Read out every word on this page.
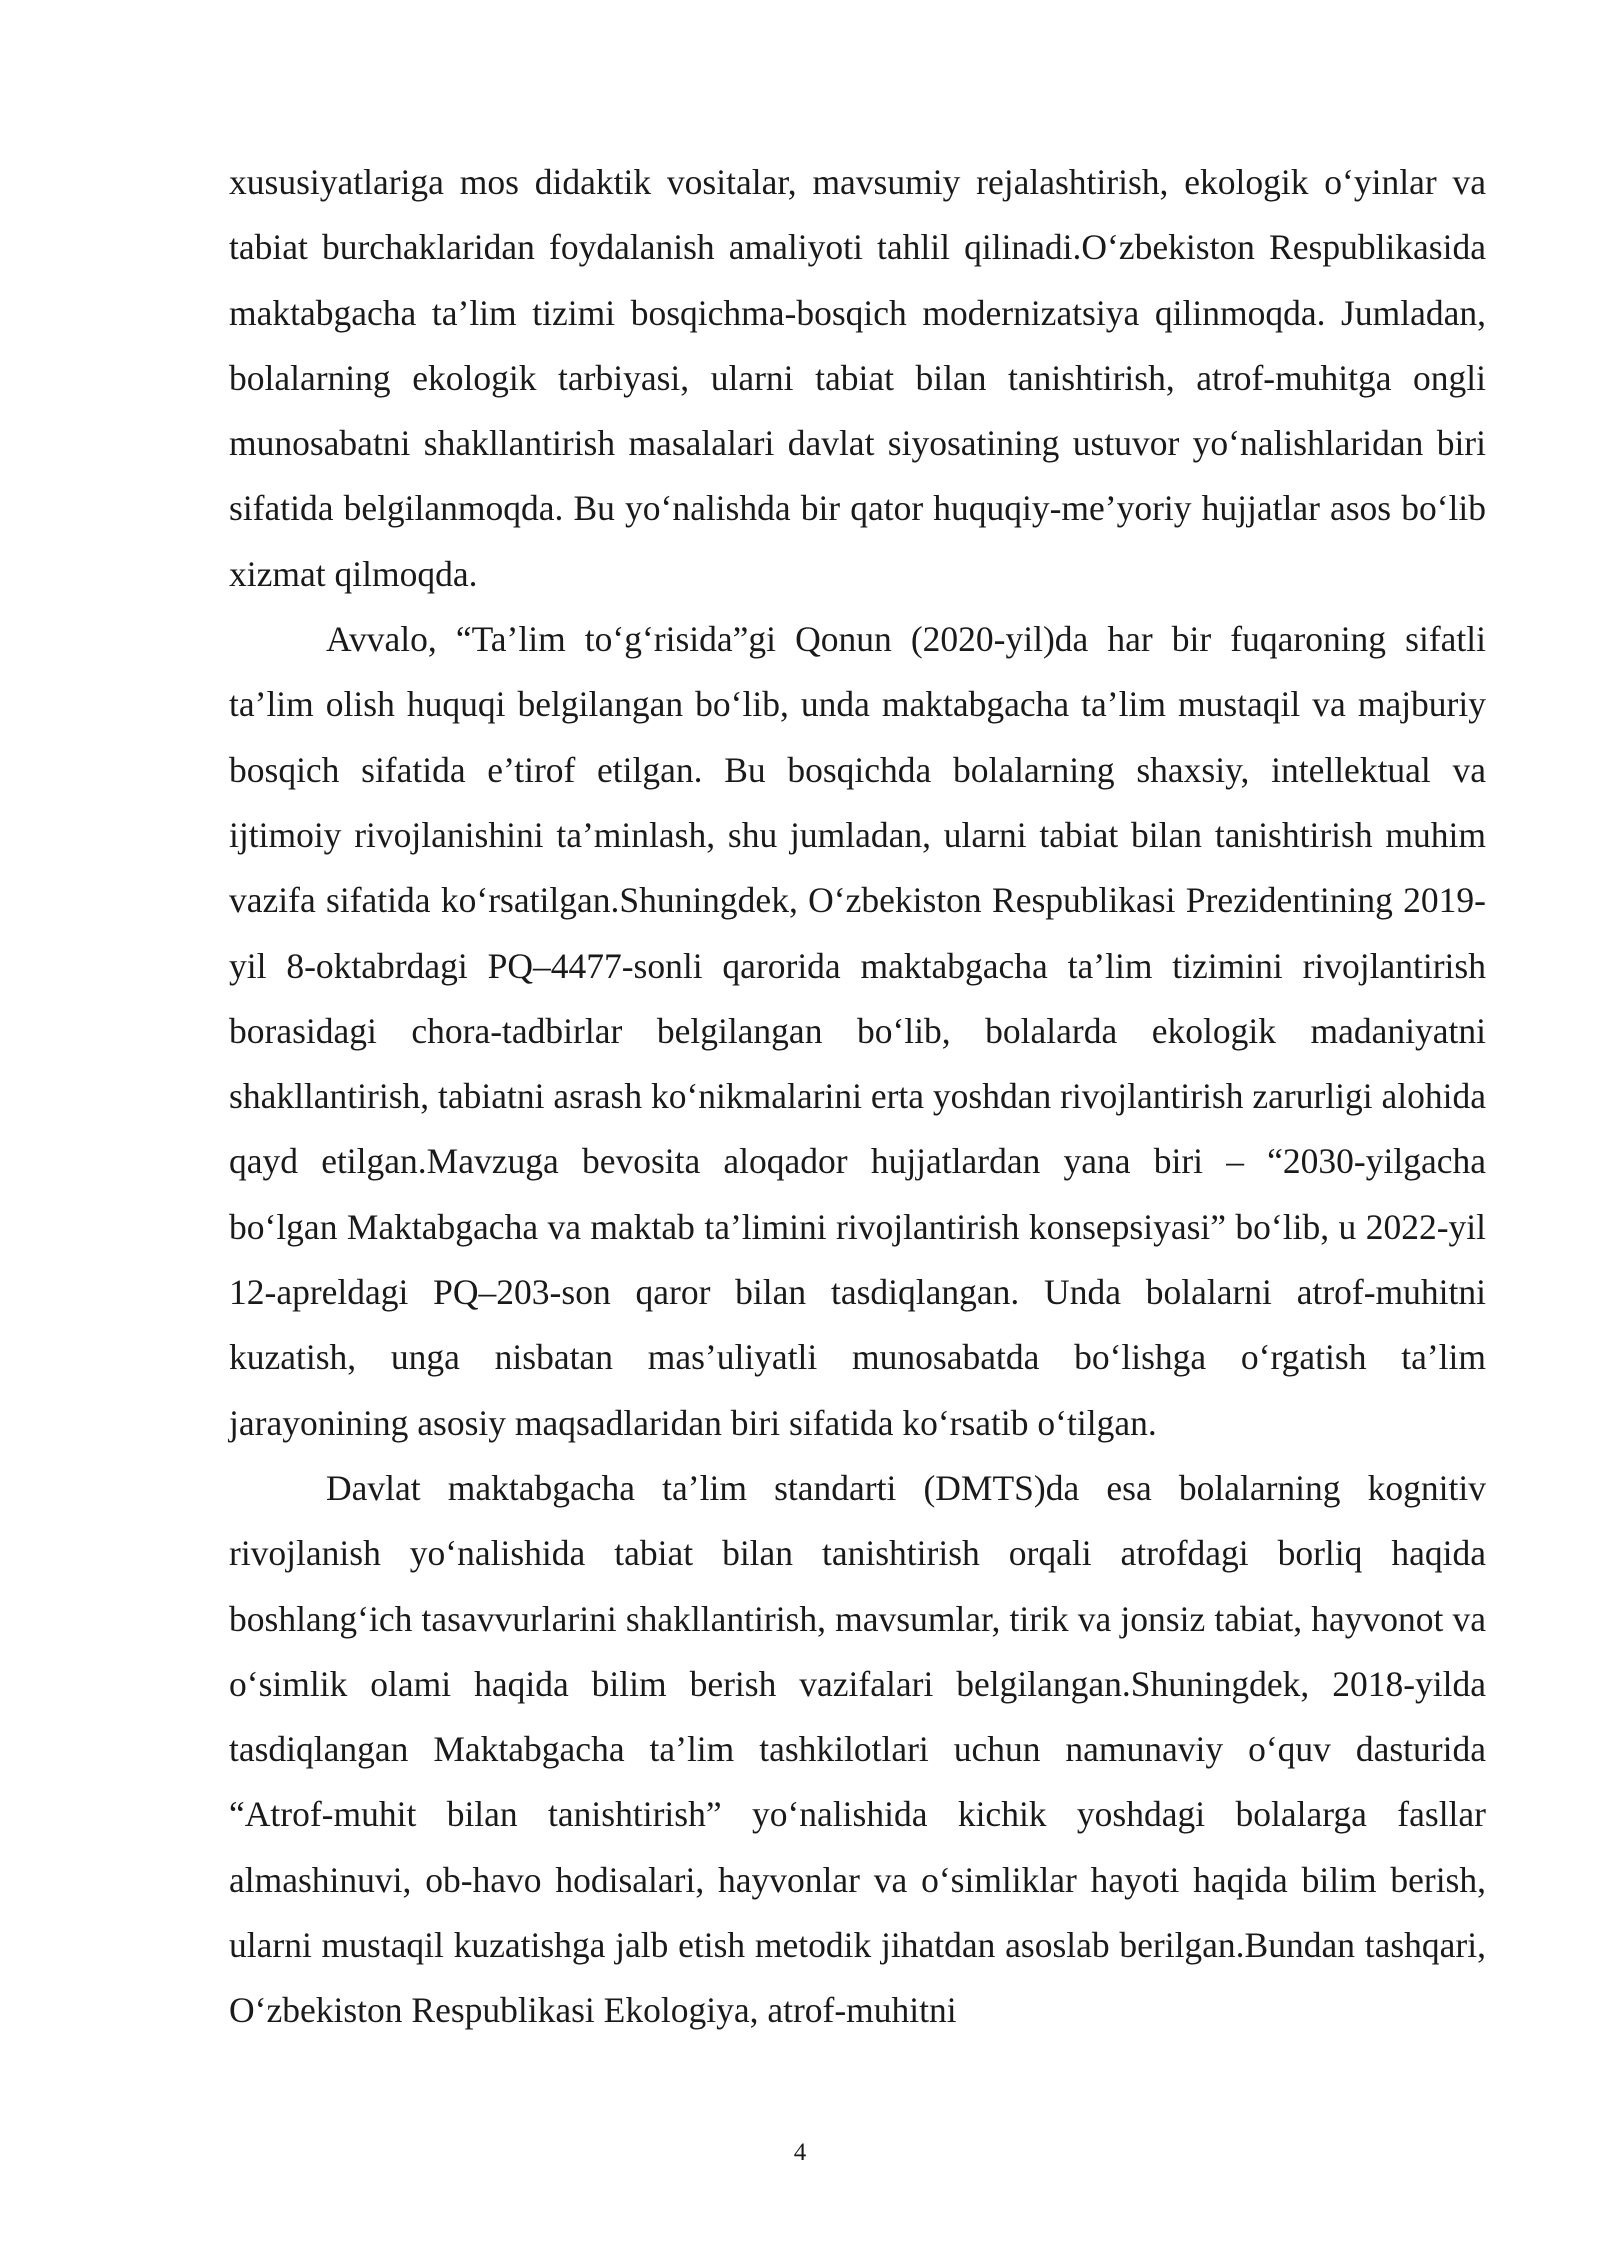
xususiyatlariga mos didaktik vositalar, mavsumiy rejalashtirish, ekologik o‘yinlar va tabiat burchaklaridan foydalanish amaliyoti tahlil qilinadi.O‘zbekiston Respublikasida maktabgacha ta’lim tizimi bosqichma-bosqich modernizatsiya qilinmoqda. Jumladan, bolalarning ekologik tarbiyasi, ularni tabiat bilan tanishtirish, atrof-muhitga ongli munosabatni shakllantirish masalalari davlat siyosatining ustuvor yo‘nalishlaridan biri sifatida belgilanmoqda. Bu yo‘nalishda bir qator huquqiy-me’yoriy hujjatlar asos bo‘lib xizmat qilmoqda.

Avvalo, “Ta’lim to‘g‘risida”gi Qonun (2020-yil)da har bir fuqaroning sifatli ta’lim olish huquqi belgilangan bo‘lib, unda maktabgacha ta’lim mustaqil va majburiy bosqich sifatida e’tirof etilgan. Bu bosqichda bolalarning shaxsiy, intellektual va ijtimoiy rivojlanishini ta’minlash, shu jumladan, ularni tabiat bilan tanishtirish muhim vazifa sifatida ko‘rsatilgan.Shuningdek, O‘zbekiston Respublikasi Prezidentining 2019-yil 8-oktabrdagi PQ–4477-sonli qarorida maktabgacha ta’lim tizimini rivojlantirish borasidagi chora-tadbirlar belgilangan bo‘lib, bolalarda ekologik madaniyatni shakllantirish, tabiatni asrash ko‘nikmalarini erta yoshdan rivojlantirish zarurligi alohida qayd etilgan.Mavzuga bevosita aloqador hujjatlardan yana biri – “2030-yilgacha bo‘lgan Maktabgacha va maktab ta’limini rivojlantirish konsepsiyasi” bo‘lib, u 2022-yil 12-apreldagi PQ–203-son qaror bilan tasdiqlangan. Unda bolalarni atrof-muhitni kuzatish, unga nisbatan mas’uliyatli munosabatda bo‘lishga o‘rgatish ta’lim jarayonining asosiy maqsadlaridan biri sifatida ko‘rsatib o‘tilgan.

Davlat maktabgacha ta’lim standarti (DMTS)da esa bolalarning kognitiv rivojlanish yo‘nalishida tabiat bilan tanishtirish orqali atrofdagi borliq haqida boshlang‘ich tasavvurlarini shakllantirish, mavsumlar, tirik va jonsiz tabiat, hayvonot va o‘simlik olami haqida bilim berish vazifalari belgilangan.Shuningdek, 2018-yilda tasdiqlangan Maktabgacha ta’lim tashkilotlari uchun namunaviy o‘quv dasturida “Atrof-muhit bilan tanishtirish” yo‘nalishida kichik yoshdagi bolalarga fasllar almashinuvi, ob-havo hodisalari, hayvonlar va o‘simliklar hayoti haqida bilim berish, ularni mustaqil kuzatishga jalb etish metodik jihatdan asoslab berilgan.Bundan tashqari, O‘zbekiston Respublikasi Ekologiya, atrof-muhitni

4
